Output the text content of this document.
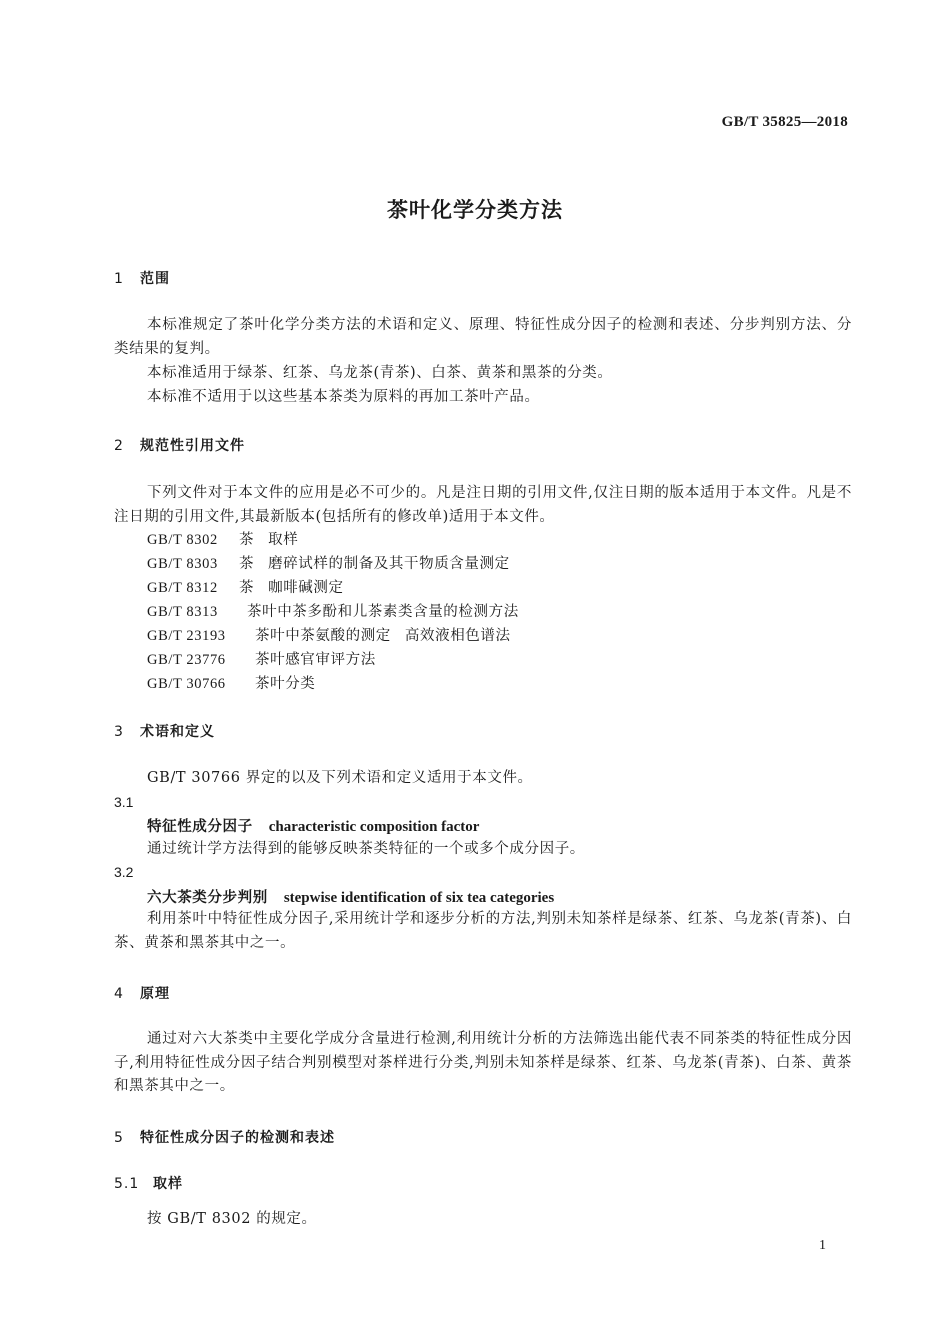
GB/T 35825—2018
茶叶化学分类方法
1 范围
本标准规定了茶叶化学分类方法的术语和定义、原理、特征性成分因子的检测和表述、分步判别方法、分类结果的复判。
本标准适用于绿茶、红茶、乌龙茶(青茶)、白茶、黄茶和黑茶的分类。
本标准不适用于以这些基本茶类为原料的再加工茶叶产品。
2 规范性引用文件
下列文件对于本文件的应用是必不可少的。凡是注日期的引用文件,仅注日期的版本适用于本文件。凡是不注日期的引用文件,其最新版本(包括所有的修改单)适用于本文件。
GB/T 8302 茶 取样
GB/T 8303 茶 磨碎试样的制备及其干物质含量测定
GB/T 8312 茶 咖啡碱测定
GB/T 8313 茶叶中茶多酚和儿茶素类含量的检测方法
GB/T 23193 茶叶中茶氨酸的测定 高效液相色谱法
GB/T 23776 茶叶感官审评方法
GB/T 30766 茶叶分类
3 术语和定义
GB/T 30766 界定的以及下列术语和定义适用于本文件。
3.1
特征性成分因子 characteristic composition factor
通过统计学方法得到的能够反映茶类特征的一个或多个成分因子。
3.2
六大茶类分步判别 stepwise identification of six tea categories
利用茶叶中特征性成分因子,采用统计学和逐步分析的方法,判别未知茶样是绿茶、红茶、乌龙茶(青茶)、白茶、黄茶和黑茶其中之一。
4 原理
通过对六大茶类中主要化学成分含量进行检测,利用统计分析的方法筛选出能代表不同茶类的特征性成分因子,利用特征性成分因子结合判别模型对茶样进行分类,判别未知茶样是绿茶、红茶、乌龙茶(青茶)、白茶、黄茶和黑茶其中之一。
5 特征性成分因子的检测和表述
5.1 取样
按 GB/T 8302 的规定。
1
